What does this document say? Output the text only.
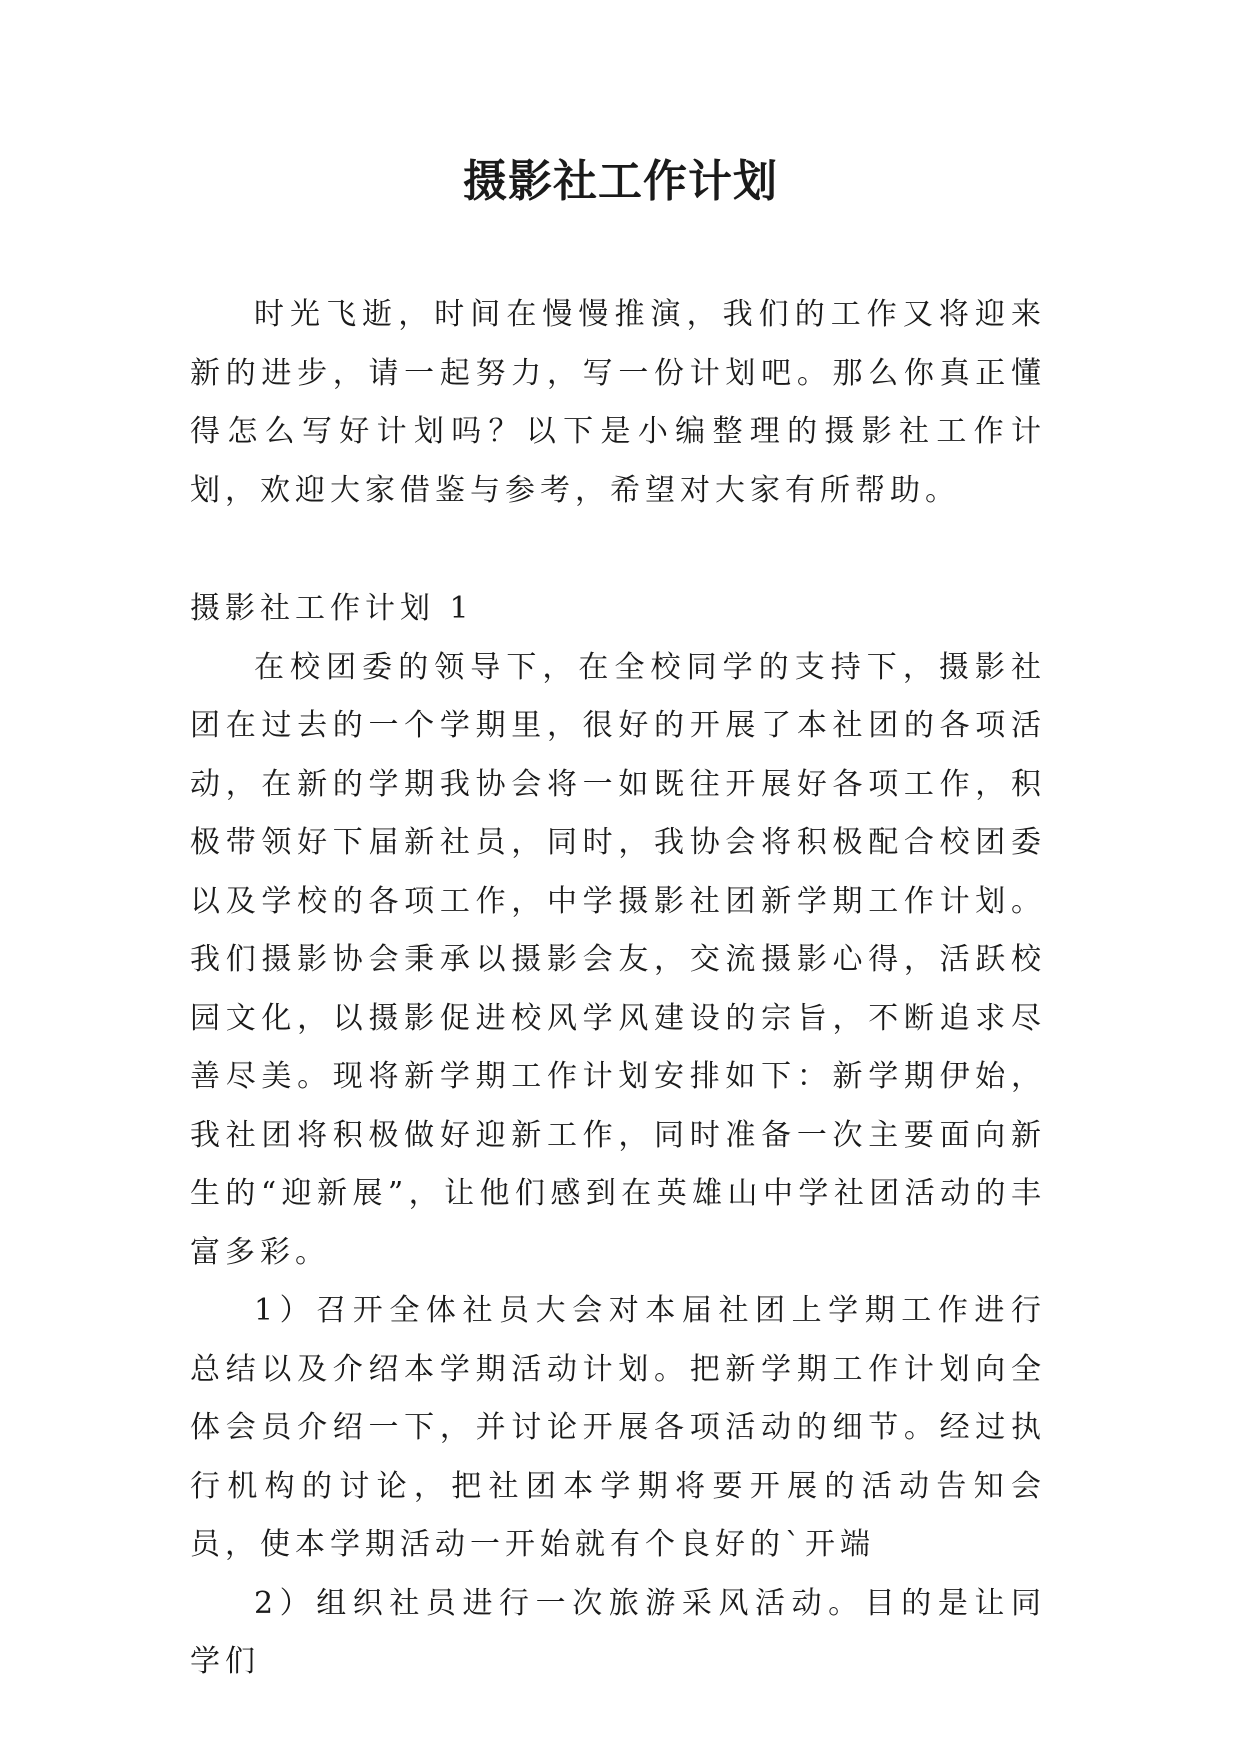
摄影社工作计划

时光飞逝，时间在慢慢推演，我们的工作又将迎来新的进步，请一起努力，写一份计划吧。那么你真正懂得怎么写好计划吗？以下是小编整理的摄影社工作计划，欢迎大家借鉴与参考，希望对大家有所帮助。

摄影社工作计划 1

在校团委的领导下，在全校同学的支持下，摄影社团在过去的一个学期里，很好的开展了本社团的各项活动，在新的学期我协会将一如既往开展好各项工作，积极带领好下届新社员，同时，我协会将积极配合校团委以及学校的各项工作，中学摄影社团新学期工作计划。我们摄影协会秉承以摄影会友，交流摄影心得，活跃校园文化，以摄影促进校风学风建设的宗旨，不断追求尽善尽美。现将新学期工作计划安排如下：新学期伊始，我社团将积极做好迎新工作，同时准备一次主要面向新生的“迎新展”，让他们感到在英雄山中学社团活动的丰富多彩。

1）召开全体社员大会对本届社团上学期工作进行总结以及介绍本学期活动计划。把新学期工作计划向全体会员介绍一下，并讨论开展各项活动的细节。经过执行机构的讨论，把社团本学期将要开展的活动告知会员，使本学期活动一开始就有个良好的`开端

2）组织社员进行一次旅游采风活动。目的是让同学们
